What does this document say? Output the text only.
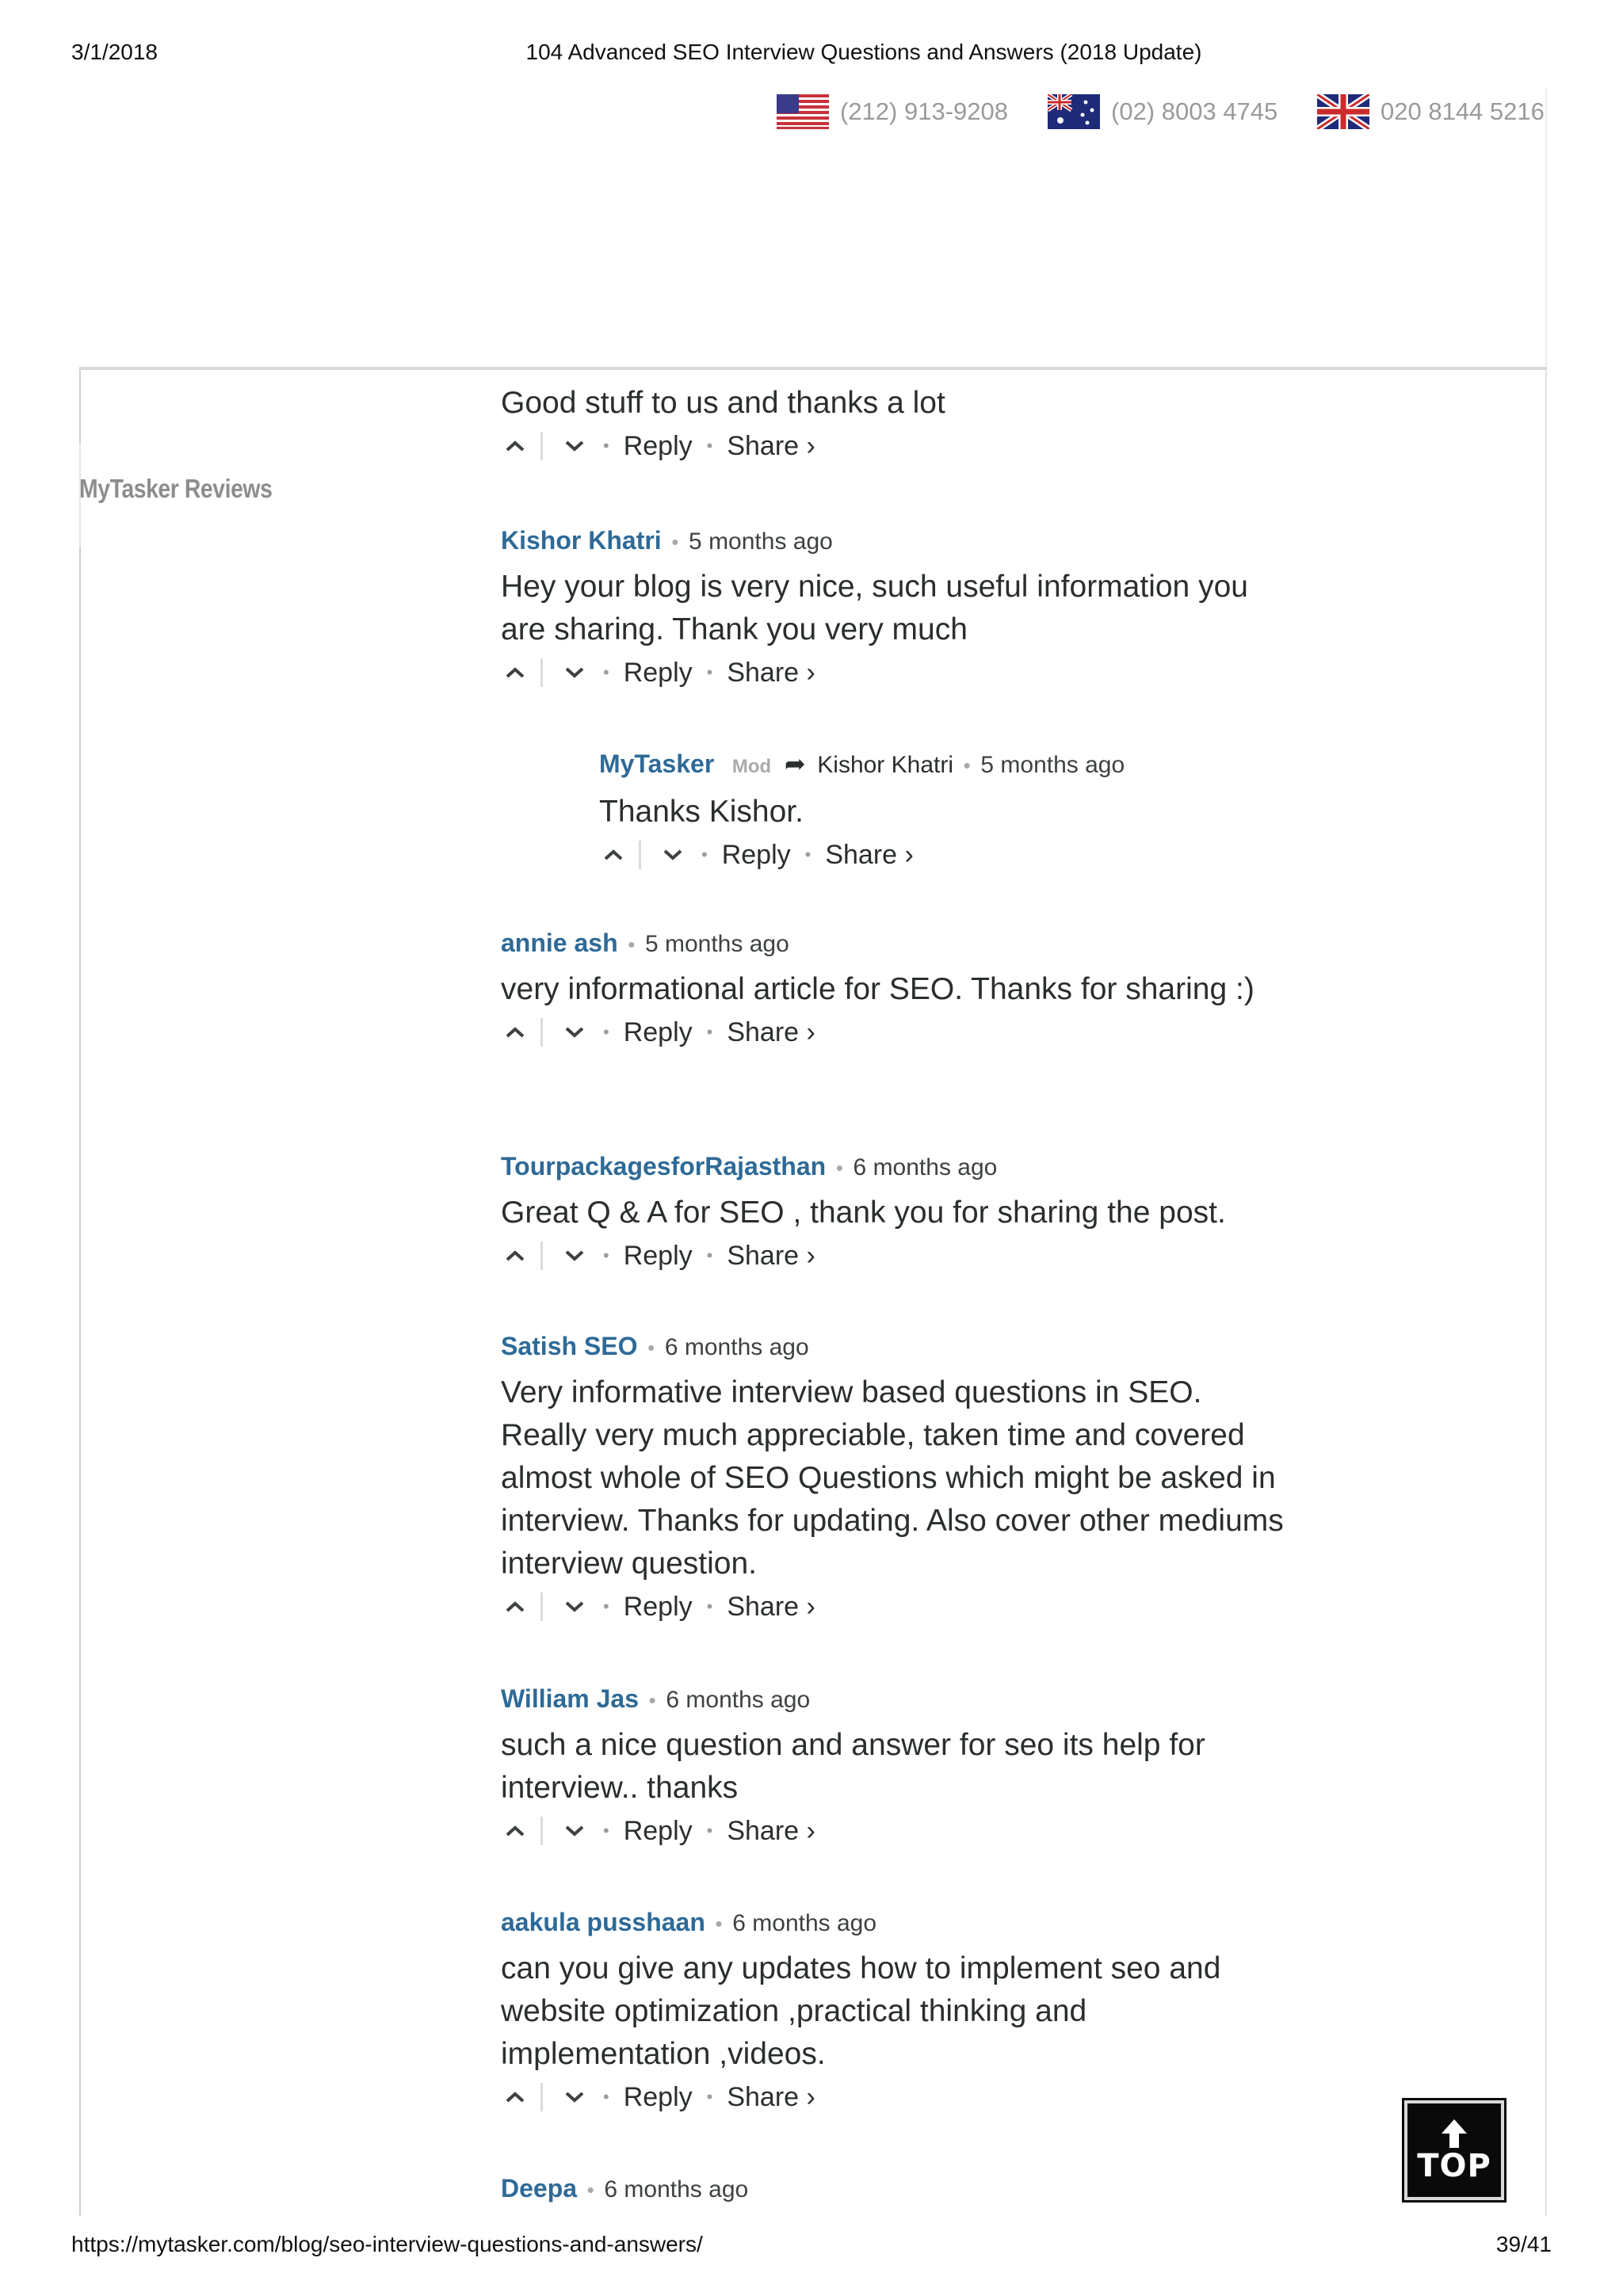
3/1/2018	104 Advanced SEO Interview Questions and Answers (2018 Update)
(212) 913-9208	(02) 8003 4745	020 8144 5216
MyTasker Reviews
Good stuff to us and thanks a lot
• Reply • Share ›
Kishor Khatri • 5 months ago
Hey your blog is very nice, such useful information you are sharing. Thank you very much
• Reply • Share ›
MyTasker Mod ➦ Kishor Khatri • 5 months ago
Thanks Kishor.
• Reply • Share ›
annie ash • 5 months ago
very informational article for SEO. Thanks for sharing :)
• Reply • Share ›
TourpackagesforRajasthan • 6 months ago
Great Q & A for SEO , thank you for sharing the post.
• Reply • Share ›
Satish SEO • 6 months ago
Very informative interview based questions in SEO. Really very much appreciable, taken time and covered almost whole of SEO Questions which might be asked in interview. Thanks for updating. Also cover other mediums interview question.
• Reply • Share ›
William Jas • 6 months ago
such a nice question and answer for seo its help for interview.. thanks
• Reply • Share ›
aakula pusshaan • 6 months ago
can you give any updates how to implement seo and website optimization ,practical thinking and implementation ,videos.
• Reply • Share ›
Deepa • 6 months ago
TOP
https://mytasker.com/blog/seo-interview-questions-and-answers/	39/41
